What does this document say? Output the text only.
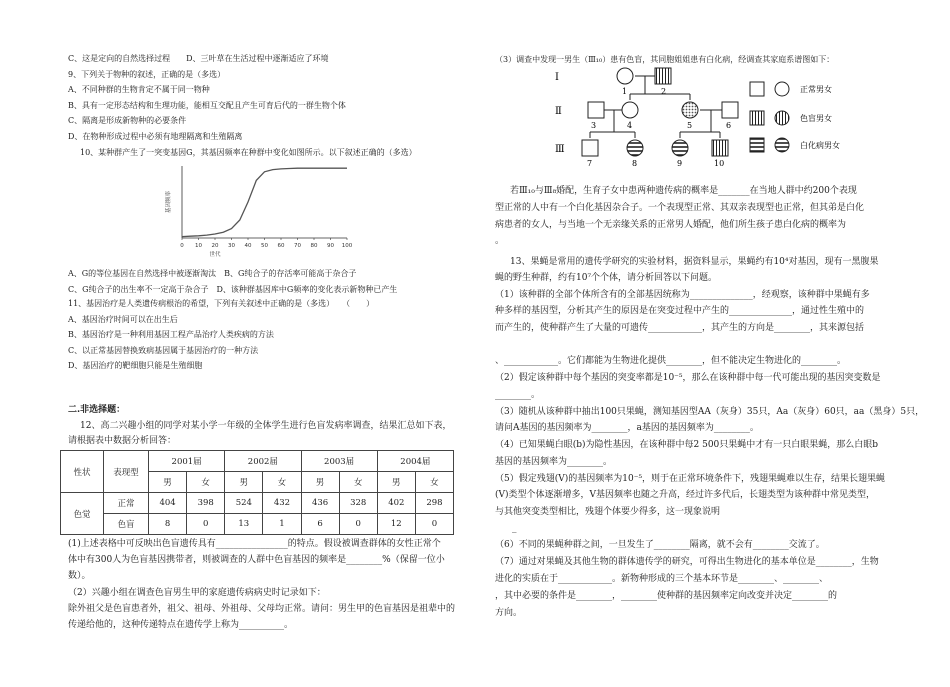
C、这是定向的自然选择过程　　D、三叶草在生活过程中逐渐适应了环境
9、下列关于物种的叙述，正确的是（多选）
A、不同种群的生物肯定不属于同一物种
B、具有一定形态结构和生理功能，能相互交配且产生可育后代的一群生物个体
C、隔离是形成新物种的必要条件
D、在物种形成过程中必须有地理隔离和生殖隔离
10、某种群产生了一突变基因G，其基因频率在种群中变化如图所示。以下叙述正确的（多选）
0 10 20 30 40 50 60 70 80 90 100
基因频率
世代
A、G的等位基因在自然选择中被逐渐淘汰　B、G纯合子的存活率可能高于杂合子
C、G纯合子的出生率不一定高于杂合子　D、该种群基因库中G频率的变化表示新物种已产生
11、基因治疗是人类遗传病根治的希望，下列有关叙述中正确的是（多选）　　（　　）
A、基因治疗时间可以在出生后
B、基因治疗是一种利用基因工程产品治疗人类疾病的方法
C、以正常基因替换致病基因属于基因治疗的一种方法
D、基因治疗的靶细胞只能是生殖细胞
二.非选择题：
12、高二兴趣小组的同学对某小学一年级的全体学生进行色盲发病率调查，结果汇总如下表，
请根据表中数据分析回答：
性状	表现型	2001届		2002届		2003届		2004届	
		男	女	男	女	男	女	男	女
色觉	正常	404	398	524	432	436	328	402	298
	色盲	8	0	13	1	6	0	12	0
(1)上述表格中可反映出色盲遗传具有________________的特点。假设被调查群体的女性正常个
体中有300人为色盲基因携带者，则被调查的人群中色盲基因的频率是________%（保留一位小
数）。
（2）兴趣小组在调查色盲男生甲的家庭遗传病病史时记录如下：
除外祖父是色盲患者外，祖父、祖母、外祖母、父母均正常。请问：男生甲的色盲基因是祖辈中的
传递给他的，这种传递特点在遗传学上称为__________。
（3）调查中发现一男生（Ⅲ₁₀）患有色盲，其同胞姐姐患有白化病，经调查其家庭系谱图如下：
Ⅰ
Ⅱ
Ⅲ
1	2
3	4	5	6
7	8	9	10
正常男女
色盲男女
白化病男女
若Ⅲ₁₀与Ⅲ₈婚配，生育子女中患两种遗传病的概率是_______在当地人群中约200个表现
型正常的人中有一个白化基因杂合子。一个表现型正常、其双亲表现型也正常，但其弟是白化
病患者的女人，与当地一个无亲缘关系的正常男人婚配，他们所生孩子患白化病的概率为
。
13、果蝇是常用的遗传学研究的实验材料，据资料显示，果蝇约有10⁴对基因，现有一黑腹果
蝇的野生种群，约有10⁷个个体，请分析回答以下问题。
（1）该种群的全部个体所含有的全部基因统称为______________，经观察，该种群中果蝇有多
种多样的基因型，分析其产生的原因是在突变过程中产生的______________，通过性生殖中的
而产生的，使种群产生了大量的可遗传____________，其产生的方向是________，其来源包括
、____________。它们都能为生物进化提供________，但不能决定生物进化的________。
（2）假定该种群中每个基因的突变率都是10⁻⁵，那么在该种群中每一代可能出现的基因突变数是
________。
（3）随机从该种群中抽出100只果蝇，测知基因型AA（灰身）35只，Aa（灰身）60只，aa（黑身）5只，
请问A基因的基因频率为________，a基因的基因频率为________。
（4）已知果蝇白眼(b)为隐性基因，在该种群中每2 500只果蝇中才有一只白眼果蝇，那么白眼b
基因的基因频率为________。
（5）假定残翅(V)的基因频率为10⁻⁵，则于在正常环境条件下，残翅果蝇难以生存，结果长翅果蝇
(V)类型个体逐渐增多，V基因频率也随之升高，经过许多代后，长翅类型为该种群中常见类型，
与其他突变类型相比，残翅个体要少得多，这一现象说明
_
（6）不同的果蝇种群之间，一旦发生了________隔离，就不会有________交流了。
（7）通过对果蝇及其他生物的群体遗传学的研究，可得出生物进化的基本单位是________，生物
进化的实质在于____________。新物种形成的三个基本环节是________、________、
，其中必要的条件是________，________使种群的基因频率定向改变并决定________的
方向。
